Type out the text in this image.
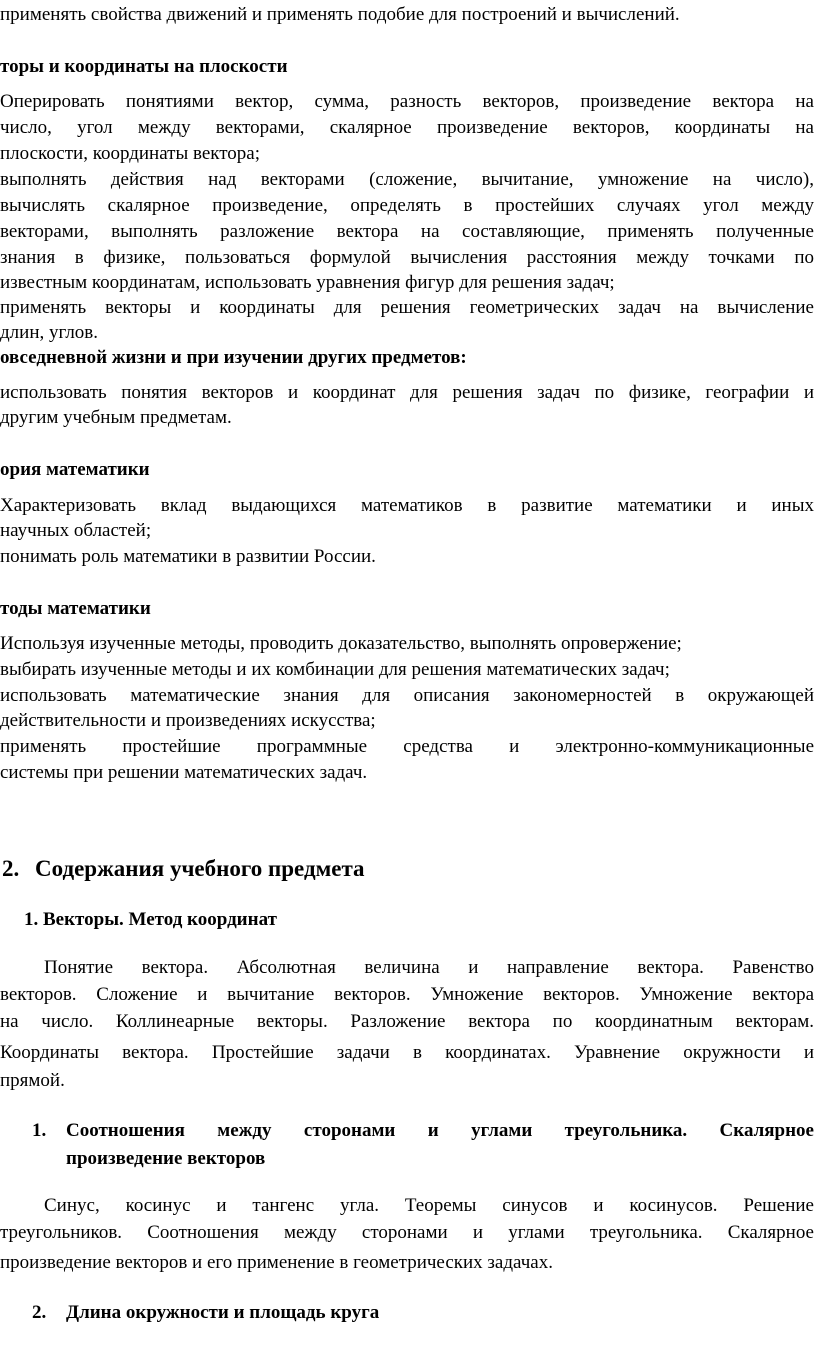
применять свойства движений и применять подобие для построений и вычислений.
торы и координаты на плоскости
Оперировать понятиями вектор, сумма, разность векторов, произведение вектора на
число, угол между векторами, скалярное произведение векторов, координаты на
плоскости, координаты вектора;
выполнять действия над векторами (сложение, вычитание, умножение на число),
вычислять скалярное произведение, определять в простейших случаях угол между
векторами, выполнять разложение вектора на составляющие, применять полученные
знания в физике, пользоваться формулой вычисления расстояния между точками по
известным координатам, использовать уравнения фигур для решения задач;
применять векторы и координаты для решения геометрических задач на вычисление
длин, углов.
овседневной жизни и при изучении других предметов:
использовать понятия векторов и координат для решения задач по физике, географии и
другим учебным предметам.
ория математики
Характеризовать вклад выдающихся математиков в развитие математики и иных
научных областей;
понимать роль математики в развитии России.
тоды математики
Используя изученные методы, проводить доказательство, выполнять опровержение;
выбирать изученные методы и их комбинации для решения математических задач;
использовать математические знания для описания закономерностей в окружающей
действительности и произведениях искусства;
применять простейшие программные средства и электронно-коммуникационные
системы при решении математических задач.
2. Содержания учебного предмета
1. Векторы. Метод координат
Понятие вектора. Абсолютная величина и направление вектора. Равенство
векторов. Сложение и вычитание векторов. Умножение векторов. Умножение вектора
на число. Коллинеарные векторы. Разложение вектора по координатным векторам.
Координаты вектора. Простейшие задачи в координатах. Уравнение окружности и
прямой.
1. Соотношения между сторонами и углами треугольника. Скалярное
произведение векторов
Синус, косинус и тангенс угла. Теоремы синусов и косинусов. Решение
треугольников. Соотношения между сторонами и углами треугольника. Скалярное
произведение векторов и его применение в геометрических задачах.
2. Длина окружности и площадь круга
